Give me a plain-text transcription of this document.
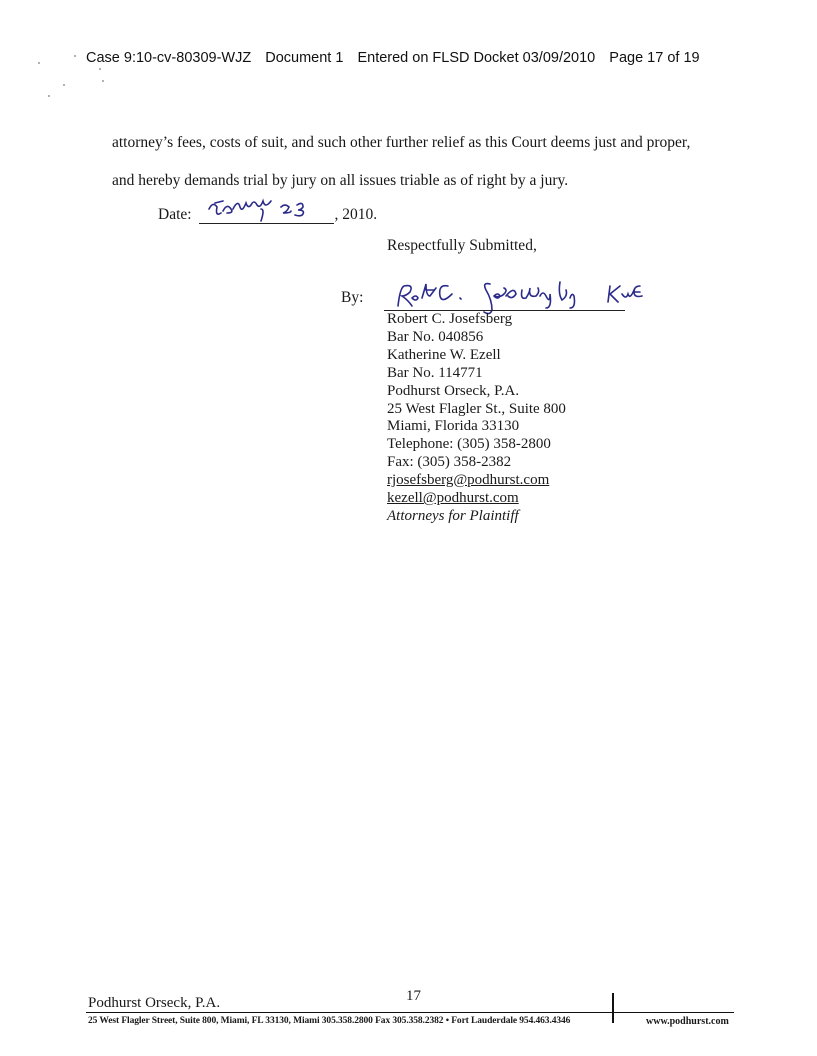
Case 9:10-cv-80309-WJZ Document 1 Entered on FLSD Docket 03/09/2010 Page 17 of 19
attorney’s fees, costs of suit, and such other further relief as this Court deems just and proper,
and hereby demands trial by jury on all issues triable as of right by a jury.
Date:	, 2010.
Respectfully Submitted,
By:
Robert C. Josefsberg
Bar No. 040856
Katherine W. Ezell
Bar No. 114771
Podhurst Orseck, P.A.
25 West Flagler St., Suite 800
Miami, Florida 33130
Telephone: (305) 358-2800
Fax: (305) 358-2382
rjosefsberg@podhurst.com
kezell@podhurst.com
Attorneys for Plaintiff
Podhurst Orseck, P.A.	17
25 West Flagler Street, Suite 800, Miami, FL 33130, Miami 305.358.2800 Fax 305.358.2382 • Fort Lauderdale 954.463.4346	www.podhurst.com
